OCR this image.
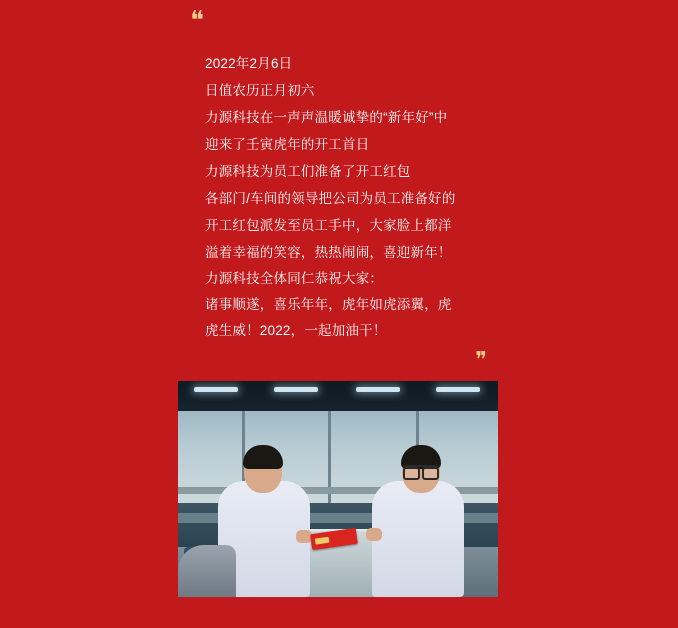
❝

2022年2月6日

日值农历正月初六

力源科技在一声声温暖诚挚的“新年好”中

迎来了壬寅虎年的开工首日

力源科技为员工们准备了开工红包

各部门/车间的领导把公司为员工准备好的

开工红包派发至员工手中，大家脸上都洋

溢着幸福的笑容，热热闹闹，喜迎新年！

力源科技全体同仁恭祝大家：

诸事顺遂，喜乐年年，虎年如虎添翼，虎

虎生威！2022，一起加油干！

❞
